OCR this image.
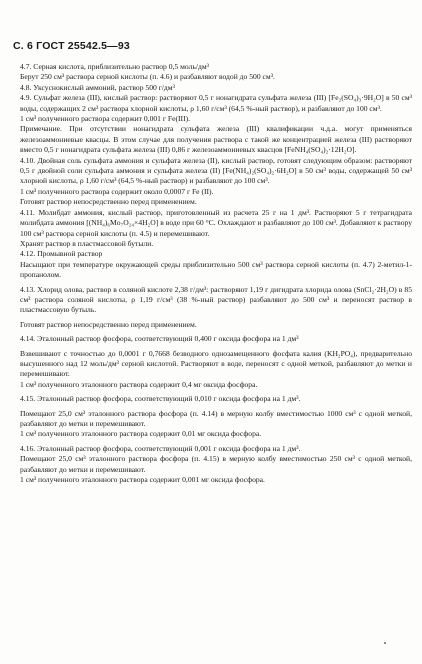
С. 6 ГОСТ 25542.5—93

4.7. Серная кислота, приблизительно раствор 0,5 моль/дм³

Берут 250 см³ раствора серной кислоты (п. 4.6) и разбавляют водой до 500 см³.

4.8. Уксуснокислый аммоний, раствор 500 г/дм³

4.9. Сульфат железа (III), кислый раствор: растворяют 0,5 г нонагидрата сульфата железа (III) [Fe₂(SO₄)₃·9H₂O] в 50 см³ воды, содержащих 2 см³ раствора хлорной кислоты, ρ 1,60 г/см³ (64,5 %-ный раствор), и разбавляют до 100 см³.

1 см³ полученного раствора содержит 0,001 г Fe(III).

Примечание. При отсутствии нонагидрата сульфата железа (III) квалификации ч.д.а. могут применяться железоаммониевые квасцы. В этом случае для получения раствора с такой же концентрацией железа (III) растворяют вместо 0,5 г нонагидрата сульфата железа (III) 0,86 г железоаммониевых квасцов [FeNH₄(SO₄)₂·12H₂O].

4.10. Двойная соль сульфата аммония и сульфата железа (II), кислый раствор, готовят следующим образом: растворяют 0,5 г двойной соли сульфата аммония и сульфата железа (II) [Fe(NH₄)₂(SO₄)₂·6H₂O] в 50 см³ воды, содержащей 50 см³ хлорной кислоты, ρ 1,60 г/см³ (64,5 %-ный раствор) и разбавляют до 100 см³.

1 см³ полученного раствора содержит около 0,0007 г Fe (II).

Готовят раствор непосредственно перед применением.

4.11. Молибдат аммония, кислый раствор, приготовленный из расчета 25 г на 1 дм³. Растворяют 5 г тетрагидрата молибдата аммония [(NH₄)₆Mo₇O₂₄×4H₂O] в воде при 60 °С. Охлаждают и разбавляют до 100 см³. Добавляют к раствору 100 см³ раствора серной кислоты (п. 4.5) и перемешивают.

Хранят раствор в пластмассовой бутыли.

4.12. Промывной раствор

Насыщают при температуре окружающей среды приблизительно 500 см³ раствора серной кислоты (п. 4.7) 2-метил-1-пропанолом.

4.13. Хлорид олова, раствор в соляной кислоте 2,38 г/дм³: растворяют 1,19 г дигидрата хлорида олова (SnCl₂·2H₂O) в 85 см³ раствора соляной кислоты, ρ 1,19 г/см³ (38 %-ный раствор) разбавляют до 500 см³ и переносят раствор в пластмассовую бутыль.

Готовят раствор непосредственно перед применением.

4.14. Эталонный раствор фосфора, соответствующий 0,400 г оксида фосфора на 1 дм³

Взвешивают с точностью до 0,0001 г 0,7668 безводного однозамещенного фосфата калия (KH₂PO₄), предварительно высушенного над 12 моль/дм³ серной кислотой. Растворяют в воде, переносят с одной меткой, разбавляют до метки и перемешивают.

1 см³ полученного эталонного раствора содержит 0,4 мг оксида фосфора.

4.15. Эталонный раствор фосфора, соответствующий 0,010 г оксида фосфора на 1 дм³.

Помещают 25,0 см³ эталонного раствора фосфора (п. 4.14) в мерную колбу вместимостью 1000 см³ с одной меткой, разбавляют до метки и перемешивают.

1 см³ полученного эталонного раствора содержит 0,01 мг оксида фосфора.

4.16. Эталонный раствор фосфора, соответствующий 0,001 г оксида фосфора на 1 дм³.

Помещают 25,0 см³ эталонного раствора фосфора (п. 4.15) в мерную колбу вместимостью 250 см³ с одной меткой, разбавляют до метки и перемешивают.

1 см³ полученного эталонного раствора содержит 0,001 мг оксида фосфора.
